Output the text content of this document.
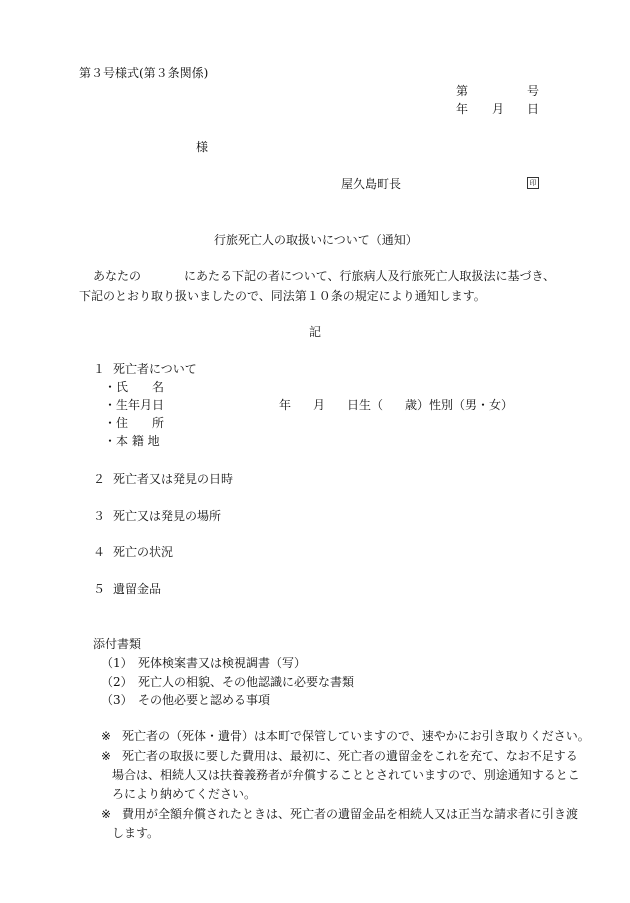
第３号様式(第３条関係)
第	号
年 月 日
様
屋久島町長	印
行旅死亡人の取扱いについて（通知）
あなたの	にあたる下記の者について、行旅病人及行旅死亡人取扱法に基づき、
下記のとおり取り扱いましたので、同法第１０条の規定により通知します。
記
１ 死亡者について
・氏　　名
・生年月日	年 月 日生（ 歳）性別（男・女）
・住　　所
・本 籍 地
２ 死亡者又は発見の日時
３ 死亡又は発見の場所
４ 死亡の状況
５ 遺留金品
添付書類
（1） 死体検案書又は検視調書（写）
（2） 死亡人の相貌、その他認識に必要な書類
（3） その他必要と認める事項
※ 死亡者の（死体・遺骨）は本町で保管していますので、速やかにお引き取りください。
※ 死亡者の取扱に要した費用は、最初に、死亡者の遺留金をこれを充て、なお不足する
場合は、相続人又は扶養義務者が弁償することとされていますので、別途通知するとこ
ろにより納めてください。
※ 費用が全額弁償されたときは、死亡者の遺留金品を相続人又は正当な請求者に引き渡
します。
